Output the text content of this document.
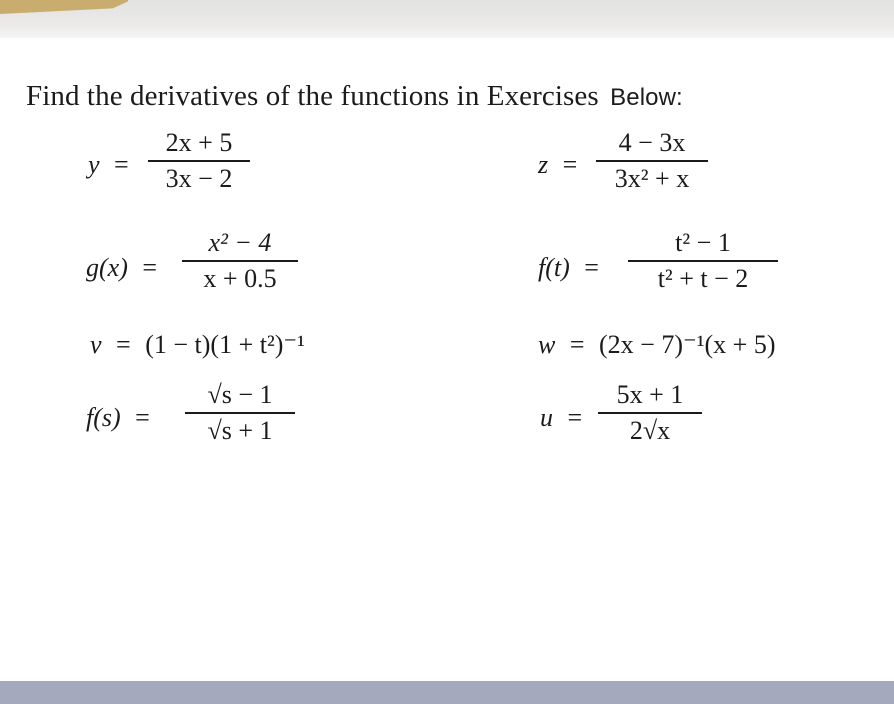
Find the derivatives of the functions in Exercises Below:
y =
2x + 5
3x − 2	z =
4 − 3x
3x² + x
g(x) =
x² − 4
x + 0.5	f(t) =
t² − 1
t² + t − 2
v = (1 − t)(1 + t²)⁻¹	w = (2x − 7)⁻¹(x + 5)
f(s) =
√s − 1
√s + 1	u =
5x + 1
2√x
